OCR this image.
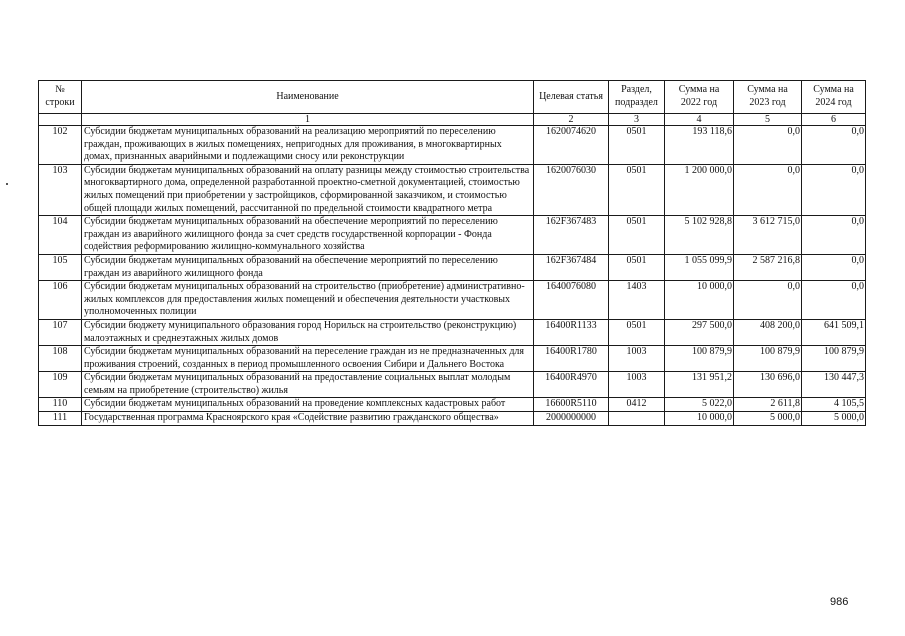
№ строки	Наименование	Целевая статья	Раздел, подраздел	Сумма на 2022 год	Сумма на 2023 год	Сумма на 2024 год
	1	2	3	4	5	6
102	Субсидии бюджетам муниципальных образований на реализацию мероприятий по переселению граждан, проживающих в жилых помещениях, непригодных для проживания, в многоквартирных домах, признанных аварийными и подлежащими сносу или реконструкции	1620074620	0501	193 118,6	0,0	0,0
103	Субсидии бюджетам муниципальных образований на оплату разницы между стоимостью строительства многоквартирного дома, определенной разработанной проектно-сметной документацией, стоимостью жилых помещений при приобретении у застройщиков, сформированной заказчиком, и стоимостью общей площади жилых помещений, рассчитанной по предельной стоимости квадратного метра	1620076030	0501	1 200 000,0	0,0	0,0
104	Субсидии бюджетам муниципальных образований на обеспечение мероприятий по переселению граждан из аварийного жилищного фонда за счет средств государственной корпорации - Фонда содействия реформированию жилищно-коммунального хозяйства	162F367483	0501	5 102 928,8	3 612 715,0	0,0
105	Субсидии бюджетам муниципальных образований на обеспечение мероприятий по переселению граждан из аварийного жилищного фонда	162F367484	0501	1 055 099,9	2 587 216,8	0,0
106	Субсидии бюджетам муниципальных образований на строительство (приобретение) административно-жилых комплексов для предоставления жилых помещений и обеспечения деятельности участковых уполномоченных полиции	1640076080	1403	10 000,0	0,0	0,0
107	Субсидии бюджету муниципального образования город Норильск на строительство (реконструкцию) малоэтажных и среднеэтажных жилых домов	16400R1133	0501	297 500,0	408 200,0	641 509,1
108	Субсидии бюджетам муниципальных образований на переселение граждан из не предназначенных для проживания строений, созданных в период промышленного освоения Сибири и Дальнего Востока	16400R1780	1003	100 879,9	100 879,9	100 879,9
109	Субсидии бюджетам муниципальных образований на предоставление социальных выплат молодым семьям на приобретение (строительство) жилья	16400R4970	1003	131 951,2	130 696,0	130 447,3
110	Субсидии бюджетам муниципальных образований на проведение комплексных кадастровых работ	16600R5110	0412	5 022,0	2 611,8	4 105,5
111	Государственная программа Красноярского края «Содействие развитию гражданского общества»	2000000000		10 000,0	5 000,0	5 000,0
986
